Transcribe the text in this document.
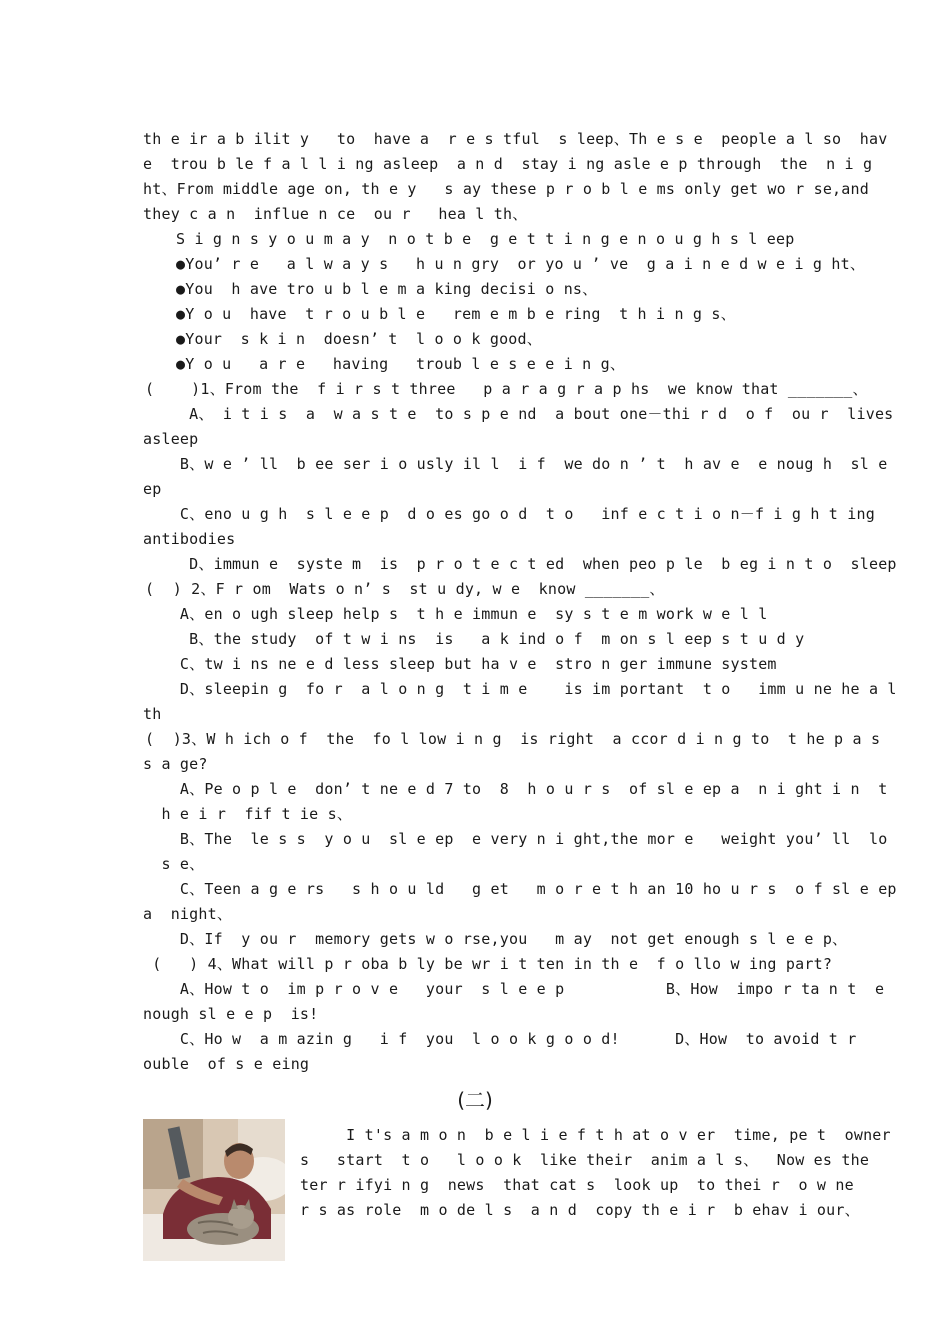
th e ir a b ilit y   to  have a  r e s tful  s leep、Th e s e  people a l so  hav
e  trou b le f a l l i ng asleep  a n d  stay i ng asle e p through  the  n i g
ht、From middle age on, th e y   s ay these p r o b l e ms only get wo r se,and
they c a n  influe n ce  ou r   hea l th、
S i g n s y o u m a y  n o t b e  g e t t i n g e n o u g h s l eep
●You’ r e   a l w a y s   h u n gry  or yo u ’ ve  g a i n e d w e i g ht、
●You  h ave tro u b l e m a king decisi o ns、
●Y o u  have  t r o u b l e   rem e m b e ring  t h i n g s、
●Your  s k i n  doesn’ t  l o o k good、
●Y o u   a r e   having   troub l e s e e i n g、
(    )1、From the  f i r s t three   p a r a g r a p hs  we know that _______、
A、 i t i s  a  w a s t e  to s p e nd  a bout one－thi r d  o f  ou r  lives
asleep
B、w e ’ ll  b ee ser i o usly il l  i f  we do n ’ t  h av e  e noug h  sl e
ep
C、eno u g h  s l e e p  d o es go o d  t o   inf e c t i o n－f i g h t ing
antibodies
D、immun e  syste m  is  p r o t e c t ed  when peo p le  b eg i n t o  sleep
(  ) 2、F r om  Wats o n’ s  st u dy, w e  know _______、
A、en o ugh sleep help s  t h e immun e  sy s t e m work w e l l
B、the study  of t w i ns  is   a k ind o f  m on s l eep s t u d y
C、tw i ns ne e d less sleep but ha v e  stro n ger immune system
D、sleepin g  fo r  a l o n g  t i m e    is im portant  t o   imm u ne he a l
th
(  )3、W h ich o f  the  fo l low i n g  is right  a ccor d i n g to  t he p a s
s a ge?
A、Pe o p l e  don’ t ne e d 7 to  8  h o u r s  of sl e ep a  n i ght i n  t
h e i r  fif t ie s、
B、The  le s s  y o u  sl e ep  e very n i ght,the mor e   weight you’ ll  lo
s e、
C、Teen a g e rs   s h o u ld   g et   m o r e t h an 10 ho u r s  o f sl e ep
a  night、
D、If  y ou r  memory gets w o rse,you   m ay  not get enough s l e e p、
(   ) 4、What will p r oba b ly be wr i t ten in th e  f o llo w ing part?
A、How t o  im p r o v e   your  s l e e p           B、How  impo r ta n t  e
nough sl e e p  is!
C、Ho w  a m azin g   i f  you  l o o k g o o d!      D、How  to avoid t r
ouble  of s e eing
(二)
I t's a m o n  b e l i e f t h at o v er  time, pe t  owner
s   start  t o   l o o k  like their  anim a l s、  Now es the
ter r ifyi n g  news  that cat s  look up  to thei r  o w ne
r s as role  m o de l s  a n d  copy th e i r  b ehav i our、
